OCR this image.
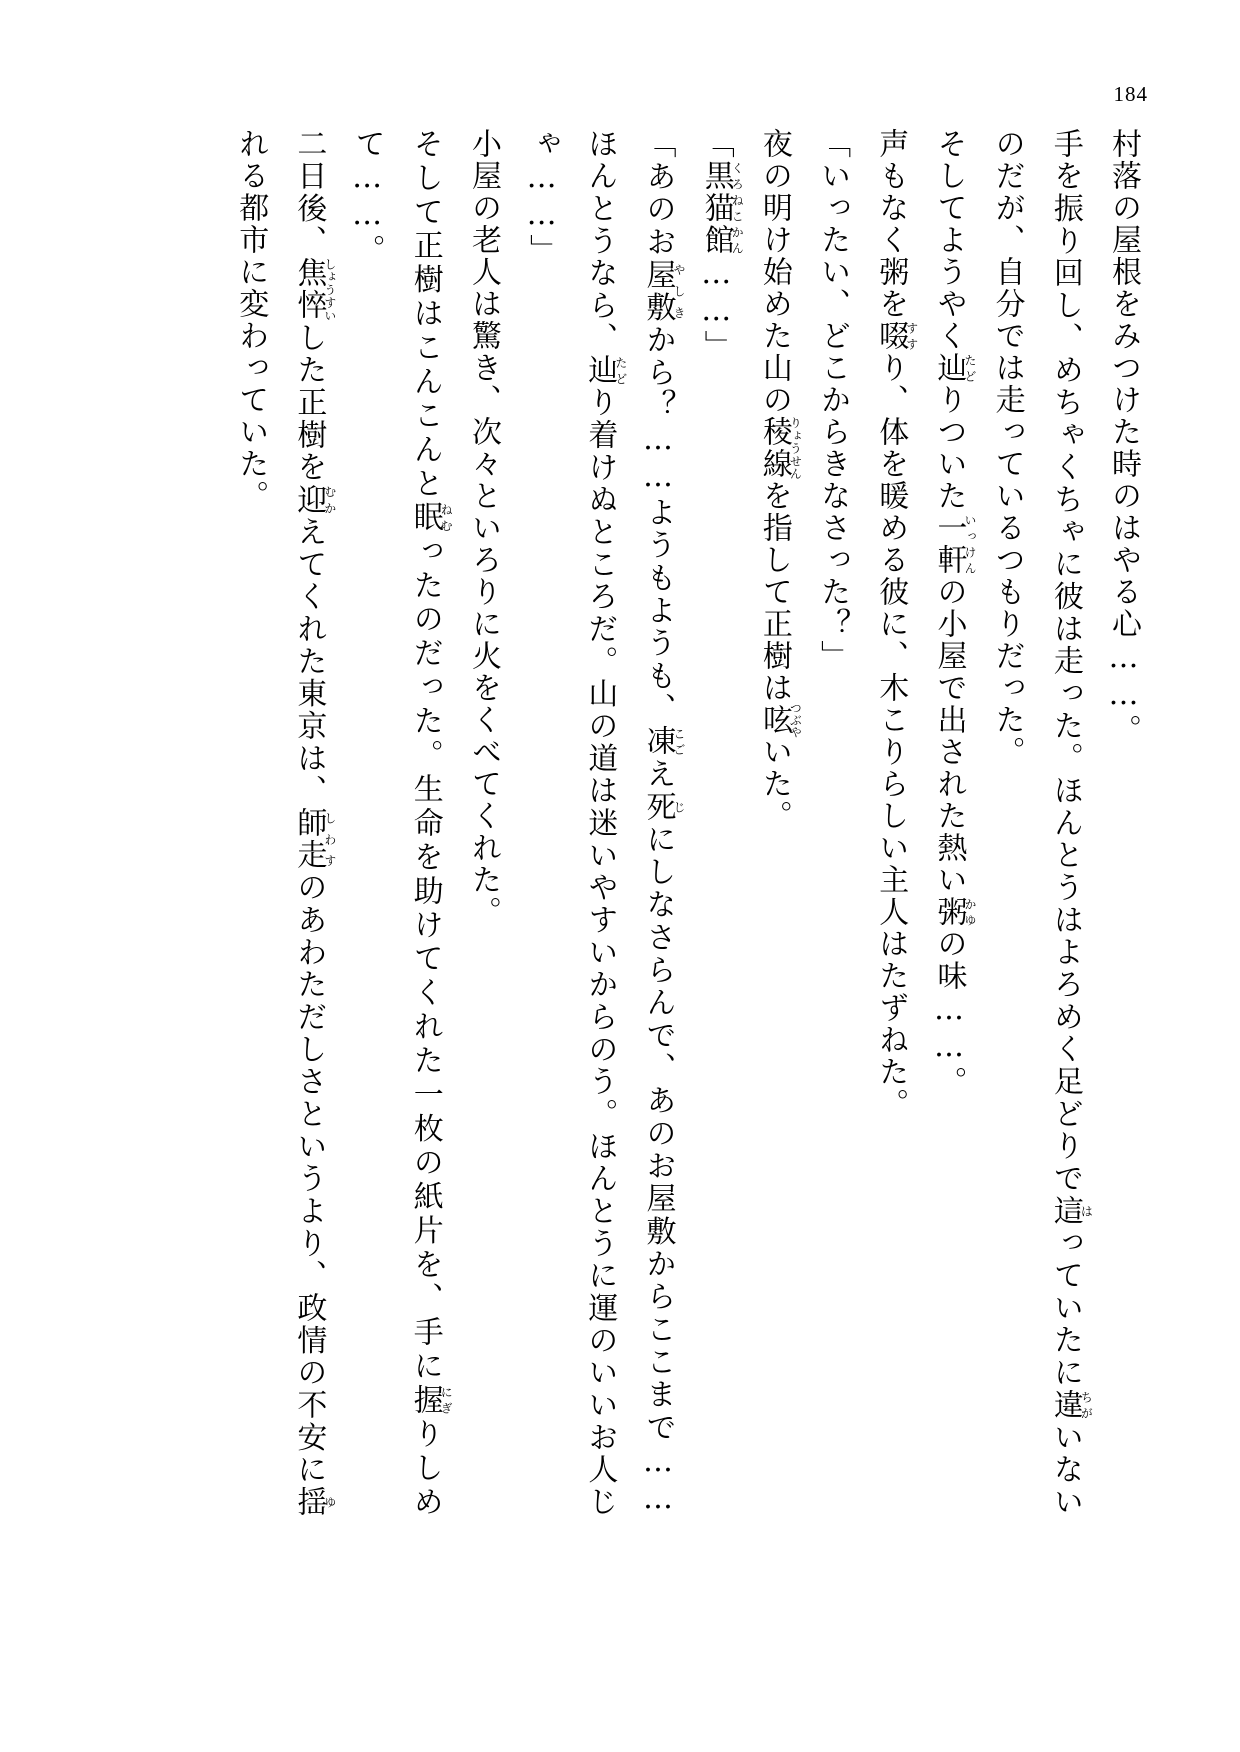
184

村落の屋根をみつけた時のはやる心……。

手を振り回し、めちゃくちゃに彼は走った。ほんとうはよろめく足どりで這はっていたに違ちがいないのだが、自分では走っているつもりだった。

そしてようやく辿たどりついた一軒いっけんの小屋で出された熱い粥かゆの味……。

声もなく粥を啜すすり、体を暖める彼に、木こりらしい主人はたずねた。

「いったい、どこからきなさった？」

夜の明け始めた山の稜線りょうせんを指して正樹は呟つぶやいた。

「黒猫館くろねこかん……」

「あのお屋敷やしきから？……ようもようも、凍こごえ死じにしなさらんで、あのお屋敷からここまで……ほんとうなら、辿たどり着けぬところだ。山の道は迷いやすいからのう。ほんとうに運のいいお人じゃ……」

小屋の老人は驚き、次々といろりに火をくべてくれた。

そして正樹はこんこんと眠ねむったのだった。生命を助けてくれた一枚の紙片を、手に握にぎりしめて……。

二日後、焦悴しょうすいした正樹を迎むかえてくれた東京は、師走しわすのあわただしさというより、政情の不安に揺ゆれる都市に変わっていた。
